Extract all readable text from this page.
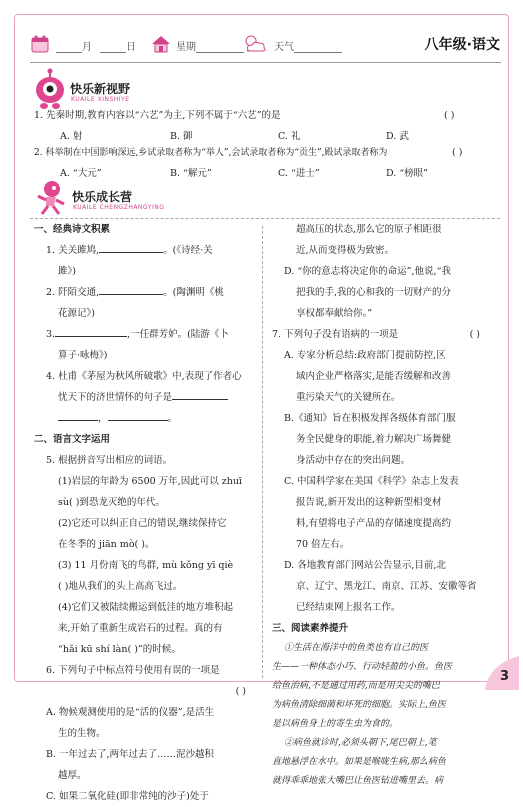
月	日	星期	天气	八年级·语文
快乐新视野
KUAILE XINSHIYE
1. 先秦时期,教育内容以“六艺”为主,下列不属于“六艺”的是	( )
A. 射	B. 御	C. 礼	D. 武
2. 科举制在中国影响深远,乡试录取者称为“举人”,会试录取者称为“贡生”,殿试录取者称为	( )
A. “大元”	B. “解元”	C. “进士”	D. “榜眼”
快乐成长营
KUAILE CHENGZHANGYING

一、经典诗文积累

1. 关关雎鸠,	。(《诗经·关

雎》)

2. 阡陌交通,	。(陶渊明《桃

花源记》)

3.	,一任群芳妒。(陆游《卜

算子·咏梅》)

4. 杜甫《茅屋为秋风所破歌》中,表现了作者心

忧天下的济世情怀的句子是

，	。

二、语言文字运用

5. 根据拼音写出相应的词语。

(1)岩层的年龄为 6500 万年,因此可以 zhuī

sù( )到恐龙灭绝的年代。

(2)它还可以纠正自己的错误,继续保持它

在冬季的 jiān mò( )。

(3) 11 月份南飞的鸟群, mù kǒng yī qiè

( )地从我们的头上高高飞过。

(4)它们又被陆续搬运到低洼的地方堆积起

来,开始了重新生成岩石的过程。真的有

“hǎi kū shí làn( )”的时候。

6. 下列句子中标点符号使用有误的一项是

( )

A. 物候观测使用的是“活的仪器”,是活生

生的生物。

B. 一年过去了,两年过去了……泥沙越积

越厚。

C. 如果二氧化硅(即非常纯的沙子)处于

超高压的状态,那么它的原子相距很

近,从而变得极为致密。

D. “你的意志将决定你的命运”,他说,“我

把我的手,我的心和我的一切财产的分

享权都奉献给你。”

7. 下列句子没有语病的一项是	( )

A. 专家分析总结:政府部门提前防控,区

域内企业严格落实,是能否缓解和改善

重污染天气的关键所在。

B.《通知》旨在积极发挥各级体育部门服

务全民健身的职能,着力解决广场舞健

身活动中存在的突出问题。

C. 中国科学家在美国《科学》杂志上发表

报告说,新开发出的这种新型相变材

料,有望将电子产品的存储速度提高约

70 倍左右。

D. 各地教育部门网站公告显示,目前,北

京、辽宁、黑龙江、南京、江苏、安徽等省

已经结束网上报名工作。

三、阅读素养提升

①生活在海洋中的鱼类也有自己的医

生——一种体态小巧、行动轻盈的小鱼。鱼医

给鱼治病,不是通过用药,而是用尖尖的嘴巴

为病鱼清除细菌和坏死的细胞。实际上,鱼医

是以病鱼身上的寄生虫为食的。

②病鱼就诊时,必须头朝下,尾巴朝上,笔

直地悬浮在水中。如果是喉咙生病,那么病鱼

就得乖乖地张大嘴巴让鱼医钻进嘴里去。病

3
